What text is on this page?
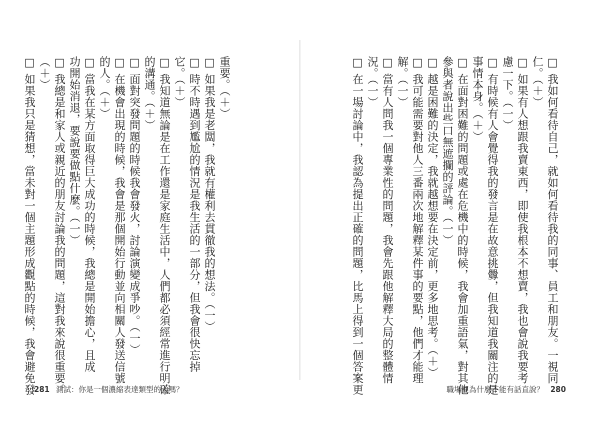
重要。（＋）
□ 如果我是老闆，我就有權利去貫徹我的想法。（一）
□ 時不時遇到尷尬的情況是我生活的一部分，但我會很快忘掉
它。（＋）
□ 我知道無論是在工作還是家庭生活中，人們都必須經常進行明確
的溝通。（＋）
□ 面對突發問題的時候我會發火，討論演變成爭吵。（一）
□ 在機會出現的時候，我會是那個開始行動並向相關人發送信號
的人。（＋）
□ 當我在某方面取得巨大成功的時候，我總是開始擔心，且成
功開始消退，要說要做點什麼。（一）
□ 我總是和家人或親近的朋友討論我的問題，這對我來說很重要。
（＋）
□ 如果我只是猜想，當未對一個主題形成觀點的時候，我會避免發	□ 我如何看待自己，就如何看待我的同事、員工和朋友。一視同
仁。（＋）
□ 如果有人想跟我賣東西，即使我根本不想賣，我也會說我要考
慮一下。（一）
□ 有時候有人會覺得我的發言是在故意挑釁，但我知道我關注的是
事情本身。（＋）
□ 在面對困難的問題或處在危機中的時候，我會加重語氣，對其他
參與者說出些口無遮攔的評論。（一）
□ 越是困難的決定，我就越想要在決定前，更多地思考。（＋）
□ 我可能需要對他人三番兩次地解釋某件事的要點，他們才能理
解。（一）
□ 當有人問我一個專業性的問題，我會先跟他解釋大局的整體情
況。（一）
□ 在一場討論中，我認為提出正確的問題，比馬上得到一個答案更
281 測試：你是一個濃縮表達類型的人嗎？	職場裡為什麼不能有話直說？ 280
